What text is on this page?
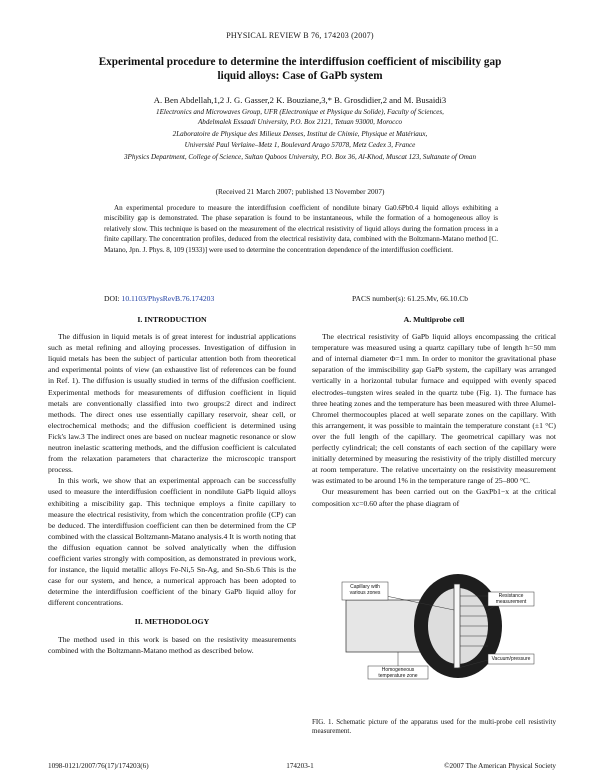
PHYSICAL REVIEW B 76, 174203 (2007)
Experimental procedure to determine the interdiffusion coefficient of miscibility gap
liquid alloys: Case of GaPb system
A. Ben Abdellah,1,2 J. G. Gasser,2 K. Bouziane,3,* B. Grosdidier,2 and M. Busaidi3
1Electronics and Microwaves Group, UFR (Electronique et Physique du Solide), Faculty of Sciences,
Abdelmalek Essaadi University, P.O. Box 2121, Tetuan 93000, Morocco
2Laboratoire de Physique des Milieux Denses, Institut de Chimie, Physique et Matériaux,
Université Paul Verlaine–Metz 1, Boulevard Arago 57078, Metz Cedex 3, France
3Physics Department, College of Science, Sultan Qaboos University, P.O. Box 36, Al-Khod, Muscat 123, Sultanate of Oman
(Received 21 March 2007; published 13 November 2007)
An experimental procedure to measure the interdiffusion coefficient of nondilute binary Ga0.6Pb0.4 liquid alloys exhibiting a miscibility gap is demonstrated. The phase separation is found to be instantaneous, while the formation of a homogeneous alloy is relatively slow. This technique is based on the measurement of the electrical resistivity of liquid alloys during the formation process in a finite capillary. The concentration profiles, deduced from the electrical resistivity data, combined with the Boltzmann-Matano method [C. Matano, Jpn. J. Phys. 8, 109 (1933)] were used to determine the concentration dependence of the interdiffusion coefficient.
DOI: 10.1103/PhysRevB.76.174203	PACS number(s): 61.25.Mv, 66.10.Cb
I. INTRODUCTION

The diffusion in liquid metals is of great interest for industrial applications such as metal refining and alloying processes. Investigation of diffusion in liquid metals has been the subject of particular attention both from theoretical and experimental points of view (an exhaustive list of references can be found in Ref. 1). The diffusion is usually studied in terms of the diffusion coefficient. Experimental methods for measurements of diffusion coefficient in liquid metals are conventionally classified into two groups:2 direct and indirect methods. The direct ones use essentially capillary reservoir, shear cell, or electrochemical methods; and the diffusion coefficient is determined using Fick's law.3 The indirect ones are based on nuclear magnetic resonance or slow neutron inelastic scattering methods, and the diffusion coefficient is calculated from the relaxation parameters that characterize the microscopic transport process.

In this work, we show that an experimental approach can be successfully used to measure the interdiffusion coefficient in nondilute GaPb liquid alloys exhibiting a miscibility gap. This technique employs a finite capillary to measure the electrical resistivity, from which the concentration profile (CP) can be deduced. The interdiffusion coefficient can then be determined from the CP combined with the classical Boltzmann-Matano analysis.4 It is worth noting that the diffusion equation cannot be solved analytically when the diffusion coefficient varies strongly with composition, as demonstrated in previous work, for instance, the liquid metallic alloys Fe-Ni,5 Sn-Ag, and Sn-Sb.6 This is the case for our system, and hence, a numerical approach has been adopted to determine the interdiffusion coefficient of the binary GaPb liquid alloy for different concentrations.

II. METHODOLOGY

The method used in this work is based on the resistivity measurements combined with the Boltzmann-Matano method as described below.

A. Multiprobe cell

The electrical resistivity of GaPb liquid alloys encompassing the critical temperature was measured using a quartz capillary tube of length h=50 mm and of internal diameter Φ=1 mm. In order to monitor the gravitational phase separation of the immiscibility gap GaPb system, the capillary was arranged vertically in a horizontal tubular furnace and equipped with evenly spaced electrodes–tungsten wires sealed in the quartz tube (Fig. 1). The furnace has three heating zones and the temperature has been measured with three Alumel-Chromel thermocouples placed at well separate zones on the capillary. With this arrangement, it was possible to maintain the temperature constant (±1 °C) over the full length of the capillary. The geometrical capillary was not perfectly cylindrical; the cell constants of each section of the capillary were initially determined by measuring the resistivity of the triply distilled mercury at room temperature. The relative uncertainty on the resistivity measurement was estimated to be around 1% in the temperature range of 25–800 °C.

Our measurement has been carried out on the GaxPb1−x at the critical composition xc=0.60 after the phase diagram of

Capillary with various zones	Resistance measurement
Vacuum/pressure
Homogeneous temperature zone
FIG. 1. Schematic picture of the apparatus used for the multi-probe cell resistivity measurement.
1098-0121/2007/76(17)/174203(6)	174203-1	©2007 The American Physical Society
